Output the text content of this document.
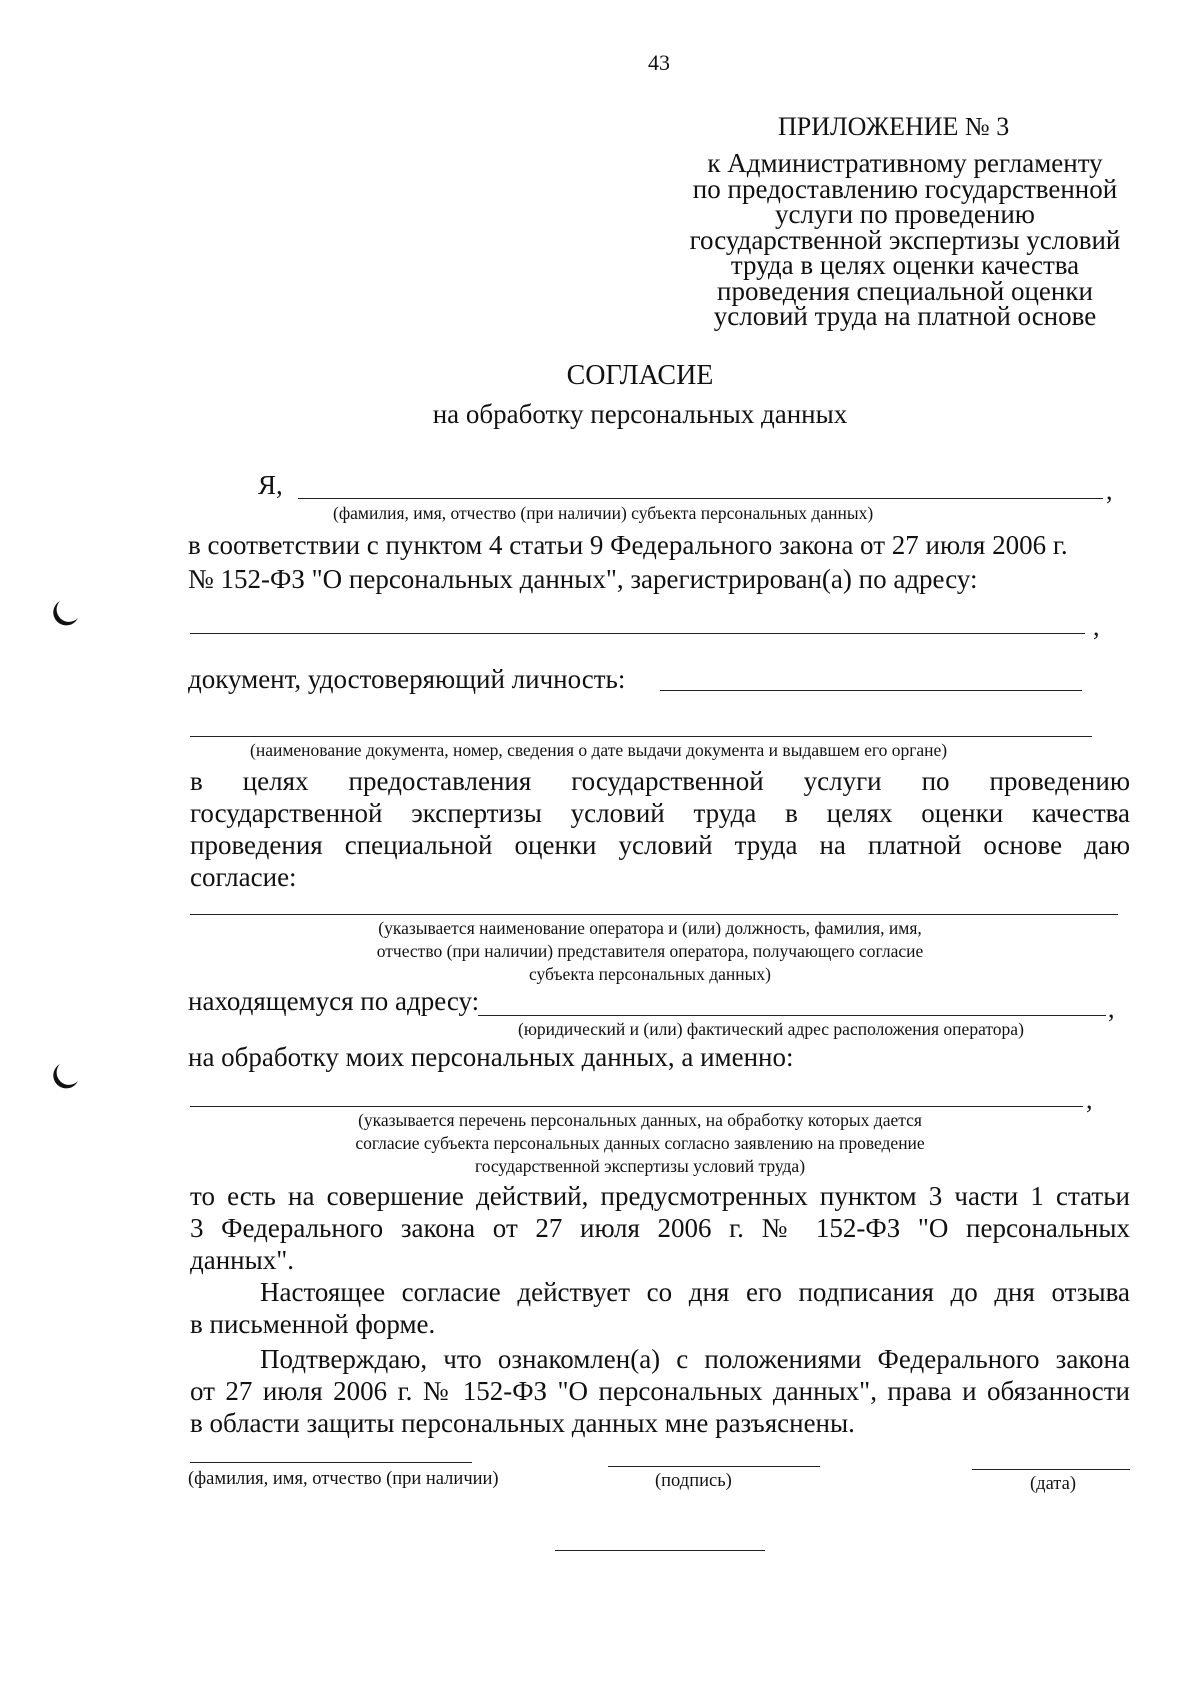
43
ПРИЛОЖЕНИЕ № 3
к Административному регламенту
по предоставлению государственной
услуги по проведению
государственной экспертизы условий
труда в целях оценки качества
проведения специальной оценки
условий труда на платной основе
СОГЛАСИЕ
на обработку персональных данных
Я,	,
(фамилия, имя, отчество (при наличии) субъекта персональных данных)
в соответствии с пунктом 4 статьи 9 Федерального закона от 27 июля 2006 г.
№ 152-ФЗ "О персональных данных", зарегистрирован(а) по адресу:
,
документ, удостоверяющий личность:
(наименование документа, номер, сведения о дате выдачи документа и выдавшем его органе)
в целях предоставления государственной услуги по проведению
государственной экспертизы условий труда в целях оценки качества
проведения специальной оценки условий труда на платной основе даю
согласие:
(указывается наименование оператора и (или) должность, фамилия, имя,
отчество (при наличии) представителя оператора, получающего согласие
субъекта персональных данных)
находящемуся по адресу:	,
(юридический и (или) фактический адрес расположения оператора)
на обработку моих персональных данных, а именно:
,
(указывается перечень персональных данных, на обработку которых дается
согласие субъекта персональных данных согласно заявлению на проведение
государственной экспертизы условий труда)
то есть на совершение действий, предусмотренных пунктом 3 части 1 статьи
3 Федерального закона от 27 июля 2006 г. № 152-ФЗ "О персональных
данных".
Настоящее согласие действует со дня его подписания до дня отзыва
в письменной форме.
Подтверждаю, что ознакомлен(а) с положениями Федерального закона
от 27 июля 2006 г. № 152-ФЗ "О персональных данных", права и обязанности
в области защиты персональных данных мне разъяснены.
(фамилия, имя, отчество (при наличии)	(подпись)	(дата)
